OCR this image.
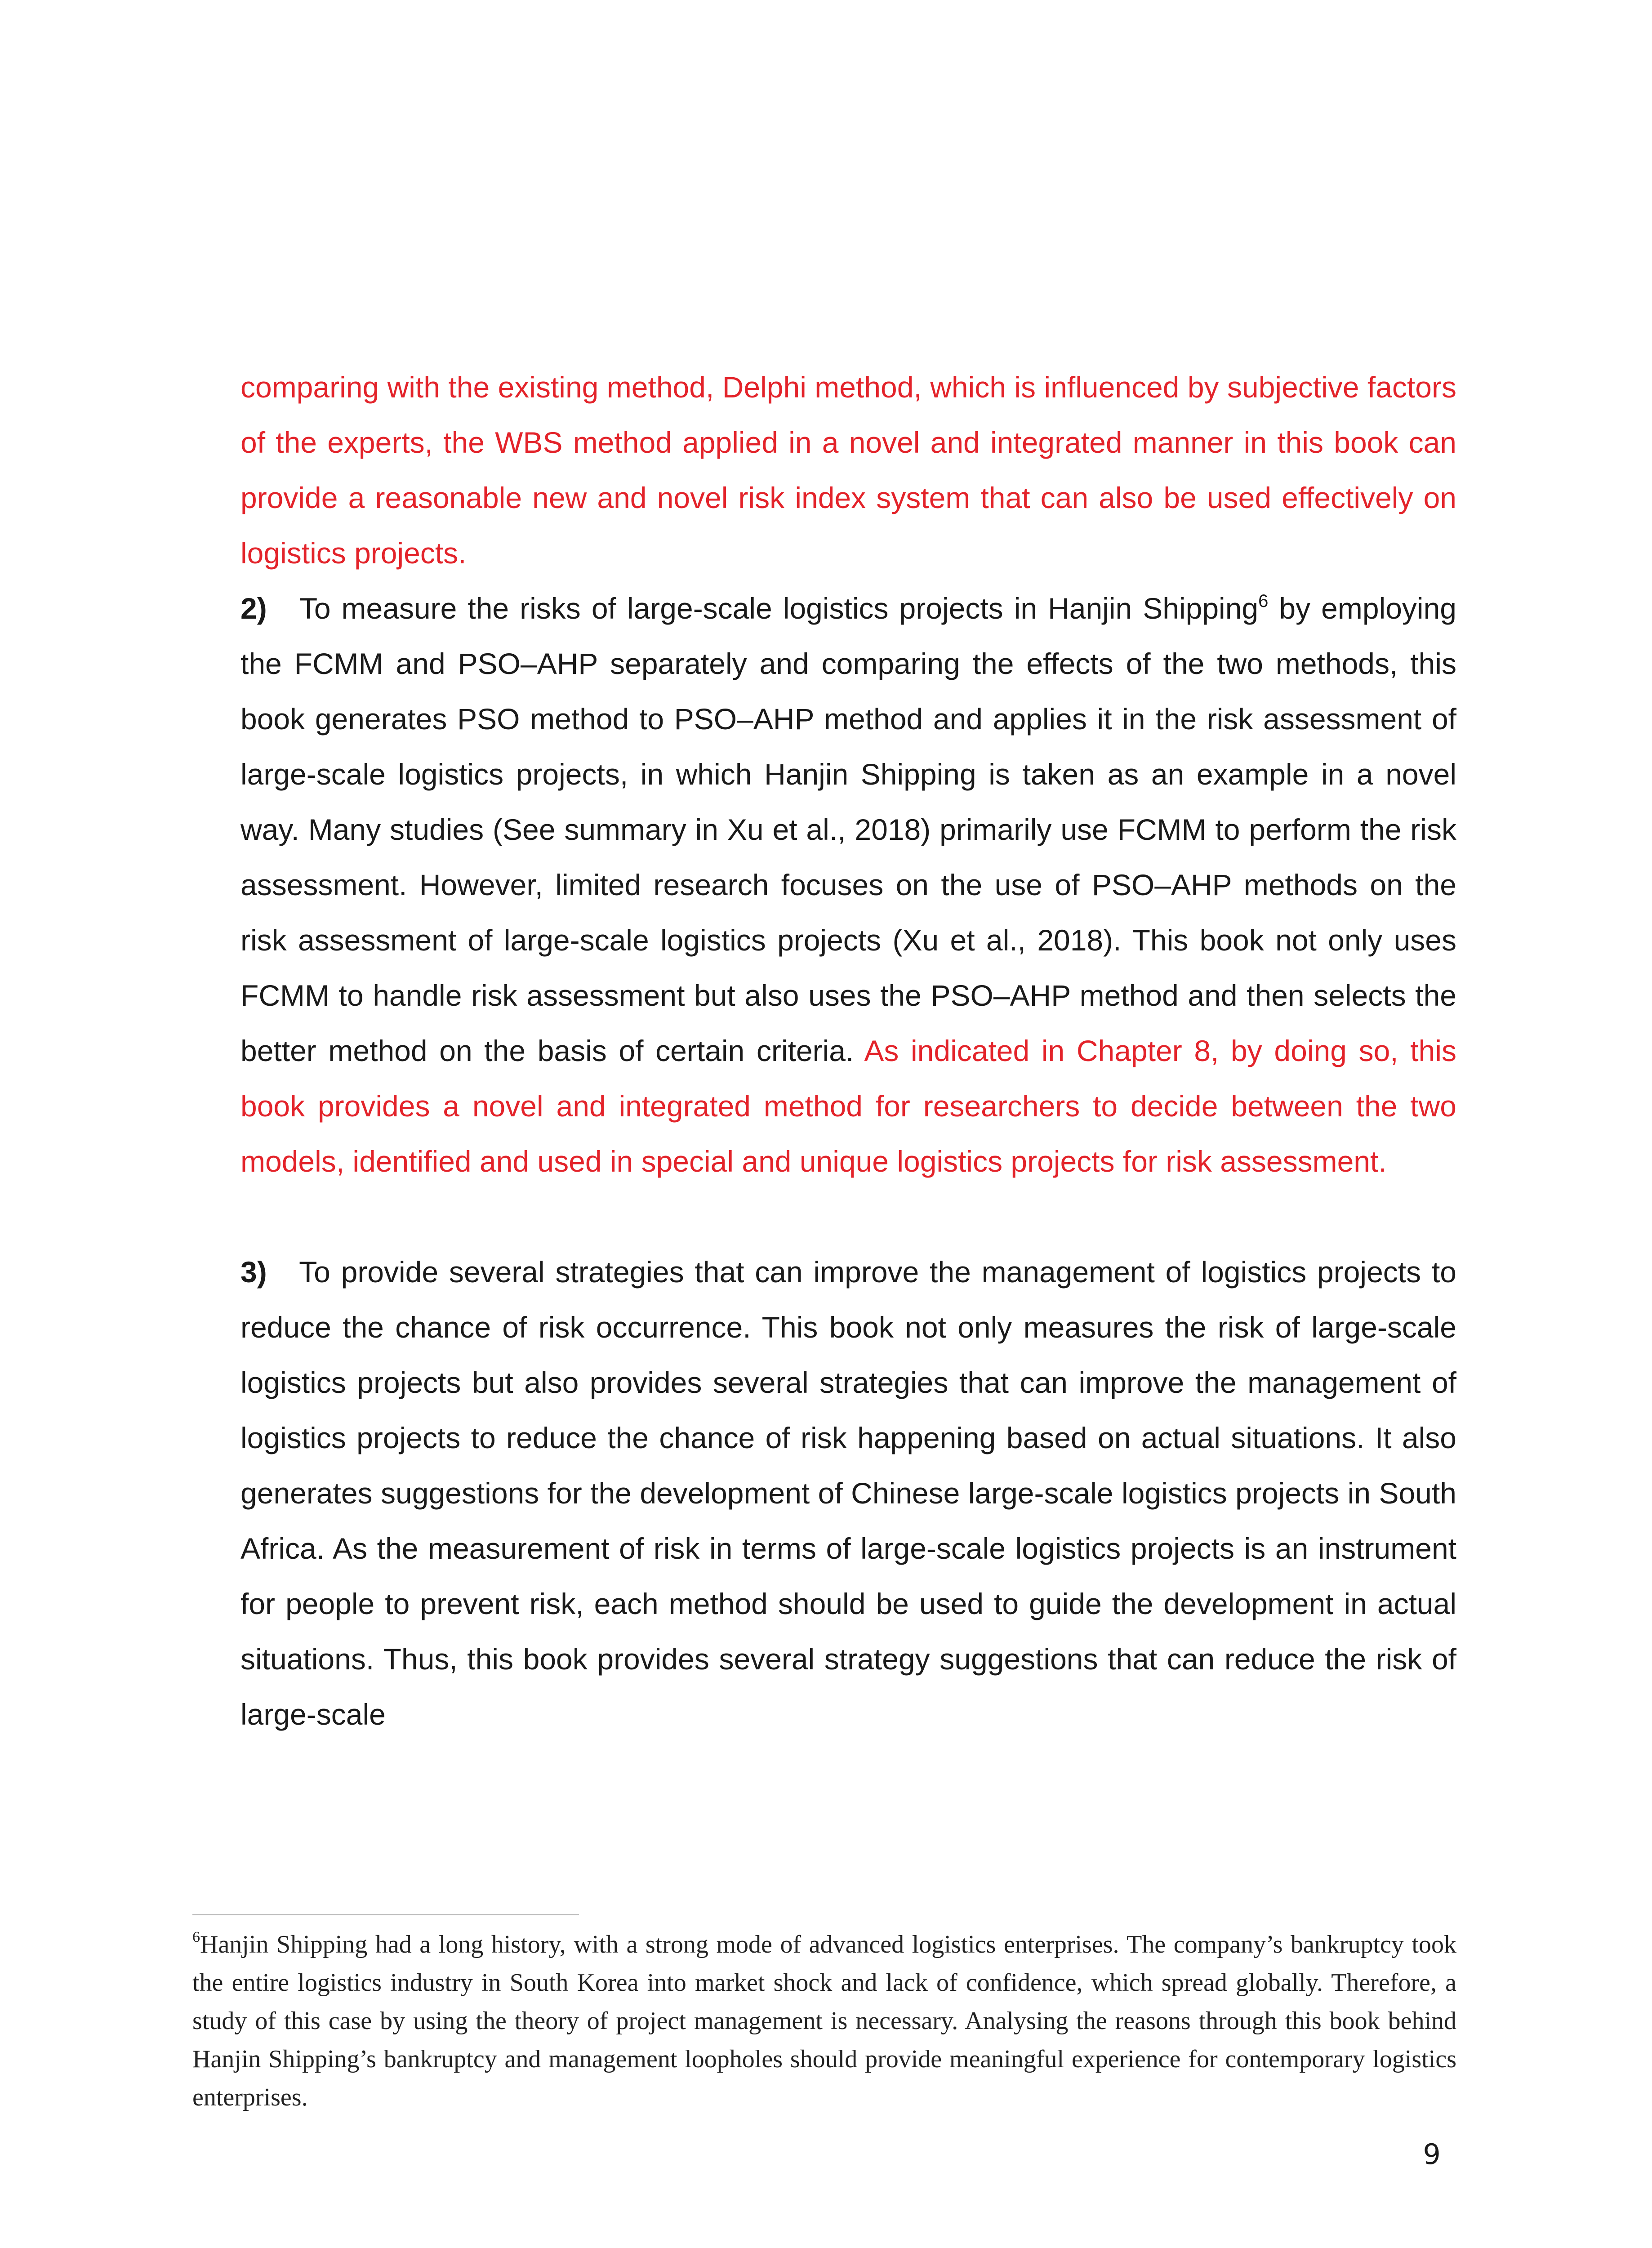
comparing with the existing method, Delphi method, which is influenced by subjective factors of the experts, the WBS method applied in a novel and integrated manner in this book can provide a reasonable new and novel risk index system that can also be used effectively on logistics projects.

2) To measure the risks of large-scale logistics projects in Hanjin Shipping$^6$ by employing the FCMM and PSO–AHP separately and comparing the effects of the two methods, this book generates PSO method to PSO–AHP method and applies it in the risk assessment of large-scale logistics projects, in which Hanjin Shipping is taken as an example in a novel way. Many studies (See summary in Xu et al., 2018) primarily use FCMM to perform the risk assessment. However, limited research focuses on the use of PSO–AHP methods on the risk assessment of large-scale logistics projects (Xu et al., 2018). This book not only uses FCMM to handle risk assessment but also uses the PSO–AHP method and then selects the better method on the basis of certain criteria. As indicated in Chapter 8, by doing so, this book provides a novel and integrated method for researchers to decide between the two models, identified and used in special and unique logistics projects for risk assessment.

3) To provide several strategies that can improve the management of logistics projects to reduce the chance of risk occurrence. This book not only measures the risk of large-scale logistics projects but also provides several strategies that can improve the management of logistics projects to reduce the chance of risk happening based on actual situations. It also generates suggestions for the development of Chinese large-scale logistics projects in South Africa. As the measurement of risk in terms of large-scale logistics projects is an instrument for people to prevent risk, each method should be used to guide the development in actual situations. Thus, this book provides several strategy suggestions that can reduce the risk of large-scale

$^6$Hanjin Shipping had a long history, with a strong mode of advanced logistics enterprises. The company’s bankruptcy took the entire logistics industry in South Korea into market shock and lack of confidence, which spread globally. Therefore, a study of this case by using the theory of project management is necessary. Analysing the reasons through this book behind Hanjin Shipping’s bankruptcy and management loopholes should provide meaningful experience for contemporary logistics enterprises.
9
